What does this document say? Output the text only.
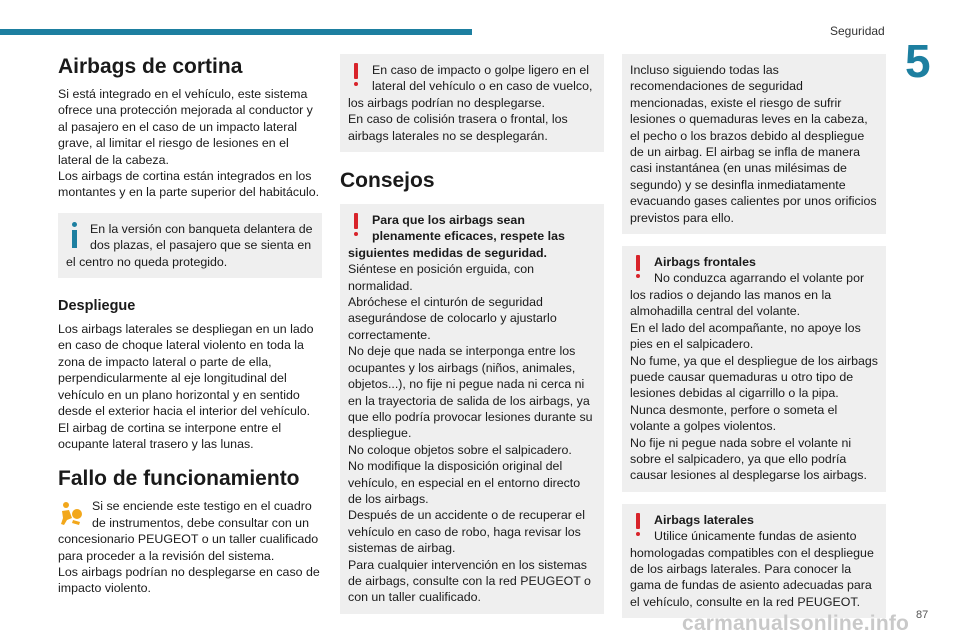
Seguridad
5
Airbags de cortina

Si está integrado en el vehículo, este sistema ofrece una protección mejorada al conductor y al pasajero en el caso de un impacto lateral grave, al limitar el riesgo de lesiones en el lateral de la cabeza.

Los airbags de cortina están integrados en los montantes y en la parte superior del habitáculo.

En la versión con banqueta delantera de dos plazas, el pasajero que se sienta en el centro no queda protegido.

Despliegue

Los airbags laterales se despliegan en un lado en caso de choque lateral violento en toda la zona de impacto lateral o parte de ella, perpendicularmente al eje longitudinal del vehículo en un plano horizontal y en sentido desde el exterior hacia el interior del vehículo.

El airbag de cortina se interpone entre el ocupante lateral trasero y las lunas.

Fallo de funcionamiento

Si se enciende este testigo en el cuadro de instrumentos, debe consultar con un concesionario PEUGEOT o un taller cualificado para proceder a la revisión del sistema.

Los airbags podrían no desplegarse en caso de impacto violento.

En caso de impacto o golpe ligero en el lateral del vehículo o en caso de vuelco, los airbags podrían no desplegarse.

En caso de colisión trasera o frontal, los airbags laterales no se desplegarán.

Consejos

Para que los airbags sean plenamente eficaces, respete las siguientes medidas de seguridad.

Siéntese en posición erguida, con normalidad.

Abróchese el cinturón de seguridad asegurándose de colocarlo y ajustarlo correctamente.

No deje que nada se interponga entre los ocupantes y los airbags (niños, animales, objetos...), no fije ni pegue nada ni cerca ni en la trayectoria de salida de los airbags, ya que ello podría provocar lesiones durante su despliegue.

No coloque objetos sobre el salpicadero.

No modifique la disposición original del vehículo, en especial en el entorno directo de los airbags.

Después de un accidente o de recuperar el vehículo en caso de robo, haga revisar los sistemas de airbag.

Para cualquier intervención en los sistemas de airbags, consulte con la red PEUGEOT o con un taller cualificado.

Incluso siguiendo todas las recomendaciones de seguridad mencionadas, existe el riesgo de sufrir lesiones o quemaduras leves en la cabeza, el pecho o los brazos debido al despliegue de un airbag. El airbag se infla de manera casi instantánea (en unas milésimas de segundo) y se desinfla inmediatamente evacuando gases calientes por unos orificios previstos para ello.

Airbags frontales

No conduzca agarrando el volante por los radios o dejando las manos en la almohadilla central del volante.

En el lado del acompañante, no apoye los pies en el salpicadero.

No fume, ya que el despliegue de los airbags puede causar quemaduras u otro tipo de lesiones debidas al cigarrillo o la pipa.

Nunca desmonte, perfore o someta el volante a golpes violentos.

No fije ni pegue nada sobre el volante ni sobre el salpicadero, ya que ello podría causar lesiones al desplegarse los airbags.

Airbags laterales

Utilice únicamente fundas de asiento homologadas compatibles con el despliegue de los airbags laterales. Para conocer la gama de fundas de asiento adecuadas para el vehículo, consulte en la red PEUGEOT.

carmanualsonline.info 87
